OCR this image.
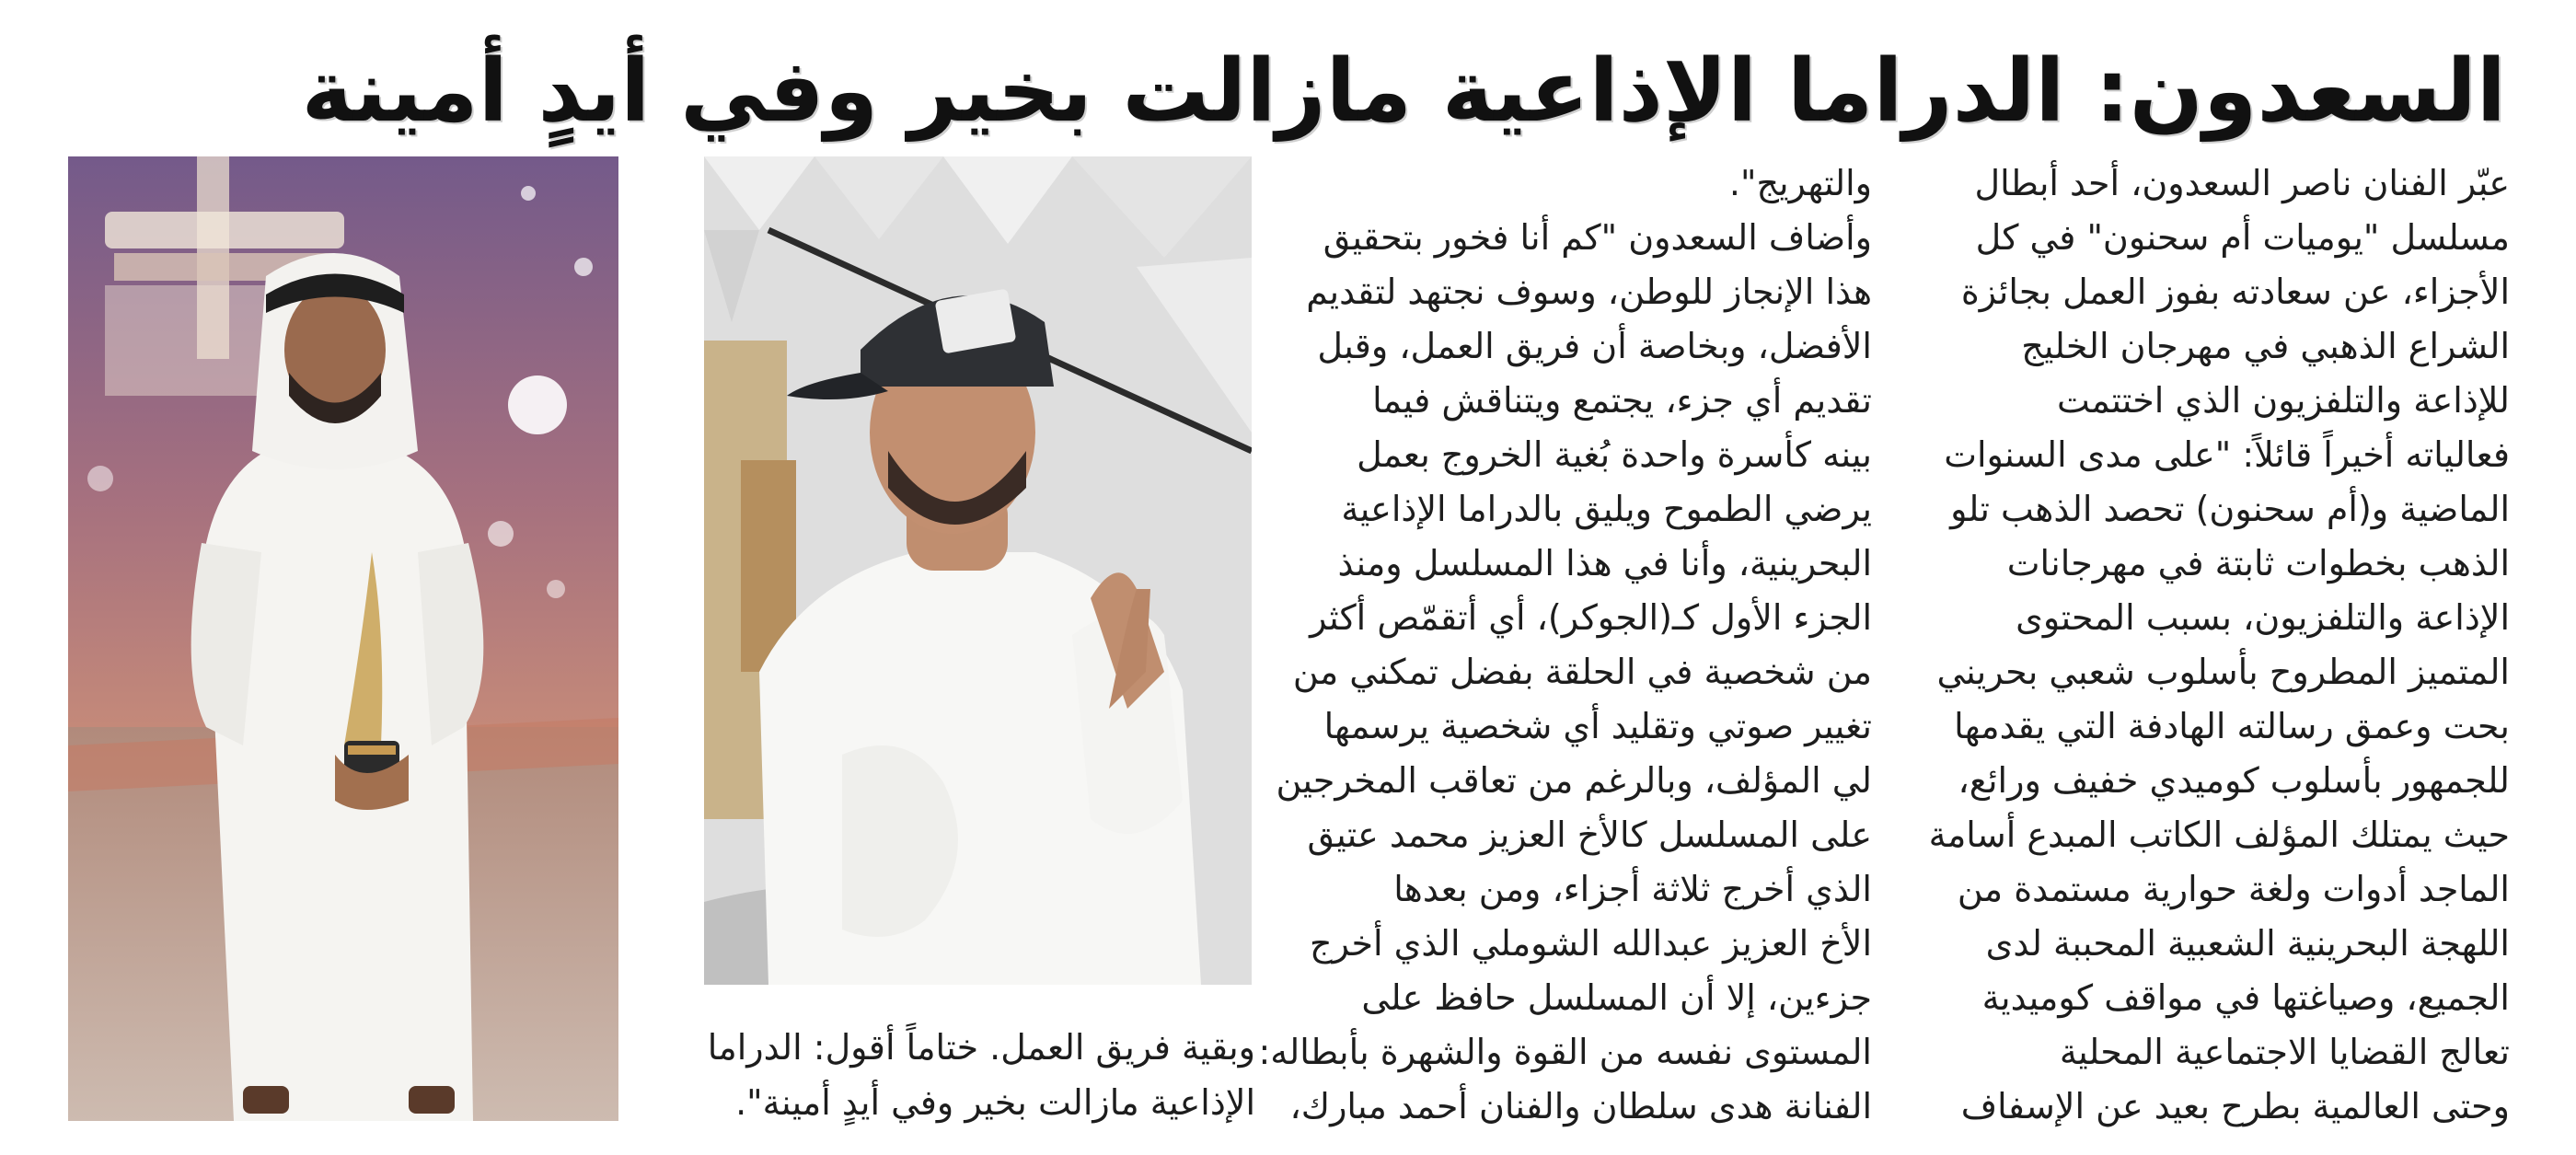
السعدون: الدراما الإذاعية مازالت بخير وفي أيدٍ أمينة

عبّر الفنان ناصر السعدون، أحد أبطال

مسلسل "يوميات أم سحنون" في كل

الأجزاء، عن سعادته بفوز العمل بجائزة

الشراع الذهبي في مهرجان الخليج

للإذاعة والتلفزيون الذي اختتمت

فعالياته أخيراً قائلاً: "على مدى السنوات

الماضية و(أم سحنون) تحصد الذهب تلو

الذهب بخطوات ثابتة في مهرجانات

الإذاعة والتلفزيون، بسبب المحتوى

المتميز المطروح بأسلوب شعبي بحريني

بحت وعمق رسالته الهادفة التي يقدمها

للجمهور بأسلوب كوميدي خفيف ورائع،

حيث يمتلك المؤلف الكاتب المبدع أسامة

الماجد أدوات ولغة حوارية مستمدة من

اللهجة البحرينية الشعبية المحببة لدى

الجميع، وصياغتها في مواقف كوميدية

تعالج القضايا الاجتماعية المحلية

وحتى العالمية بطرح بعيد عن الإسفاف

والتهريج".

وأضاف السعدون "كم أنا فخور بتحقيق

هذا الإنجاز للوطن، وسوف نجتهد لتقديم

الأفضل، وبخاصة أن فريق العمل، وقبل

تقديم أي جزء، يجتمع ويتناقش فيما

بينه كأسرة واحدة بُغية الخروج بعمل

يرضي الطموح ويليق بالدراما الإذاعية

البحرينية، وأنا في هذا المسلسل ومنذ

الجزء الأول كـ(الجوكر)، أي أتقمّص أكثر

من شخصية في الحلقة بفضل تمكني من

تغيير صوتي وتقليد أي شخصية يرسمها

لي المؤلف، وبالرغم من تعاقب المخرجين

على المسلسل كالأخ العزيز محمد عتيق

الذي أخرج ثلاثة أجزاء، ومن بعدها

الأخ العزيز عبدالله الشوملي الذي أخرج

جزءين، إلا أن المسلسل حافظ على

المستوى نفسه من القوة والشهرة بأبطاله:

الفنانة هدى سلطان والفنان أحمد مبارك،

وبقية فريق العمل. ختاماً أقول: الدراما

الإذاعية مازالت بخير وفي أيدٍ أمينة".
